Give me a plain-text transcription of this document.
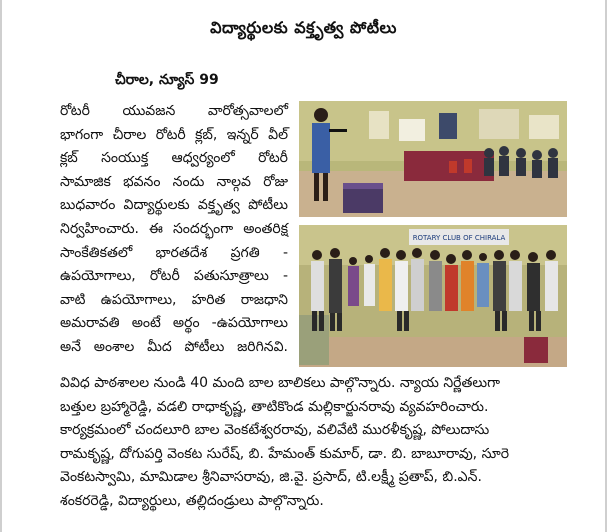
విద్యార్థులకు వక్తృత్వ పోటీలు
చీరాల, న్యూస్ 99
రోటరీ యువజన వారోత్సవాలలో
భాగంగా చీరాల రోటరీ క్లబ్, ఇన్నర్ వీల్
క్లబ్ సంయుక్త ఆధ్వర్యంలో రోటరీ
సామాజిక భవనం నందు నాల్గవ రోజు
బుధవారం విద్యార్థులకు వక్తృత్వ పోటీలు
నిర్వహించారు. ఈ సందర్భంగా అంతరిక్ష
సాంకేతికతలో భారతదేశ ప్రగతి -
ఉపయోగాలు, రోటరీ పతుసూత్రాలు -
వాటి ఉపయోగాలు, హరిత రాజధాని
అమరావతి అంటే అర్థం -ఉపయోగాలు
అనే అంశాల మీద పోటీలు జరిగినవి.
ROTARY CLUB OF CHIRALA
వివిధ పాఠశాలల నుండి 40 మంది బాల బాలికలు పాల్గొన్నారు. న్యాయ నిర్ణేతలుగా
బత్తుల బ్రహ్మారెడ్డి, వడలి రాధాకృష్ణ, తాటికొండ మల్లికార్జునరావు వ్యవహరించారు.
కార్యక్రమంలో చందలూరి బాల వెంకటేశ్వరరావు, వలివేటి మురళీకృష్ణ, పోలుదాసు
రామకృష్ణ, దోగుపర్తి వెంకట సురేష్, బి. హేమంత్ కుమార్, డా. బి. బాబూరావు, సూరె
వెంకటస్వామి, మామిడాల శ్రీనివాసరావు, జి.వై. ప్రసాద్, టి.లక్ష్మీ ప్రతాప్, బి.ఎన్.
శంకరరెడ్డి, విద్యార్థులు, తల్లిదండ్రులు పాల్గొన్నారు.
